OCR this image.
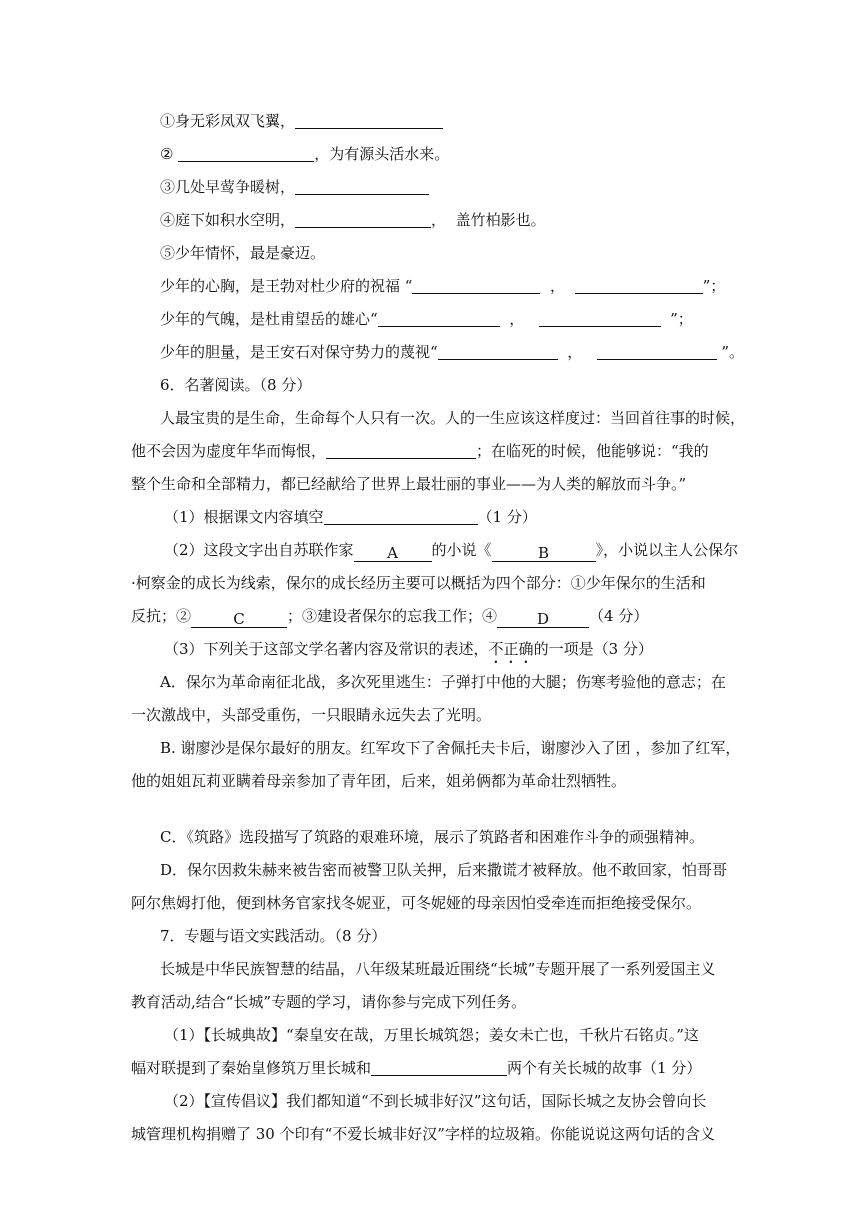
①身无彩凤双飞翼，
②	，为有源头活水来。
③几处早莺争暖树，
④庭下如积水空明，	， 盖竹柏影也。
⑤少年情怀，最是豪迈。
少年的心胸，是王勃对杜少府的祝福 “	，	”；
少年的气魄，是杜甫望岳的雄心“	，	”；
少年的胆量，是王安石对保守势力的蔑视“	，	”。
6．名著阅读。（8 分）
人最宝贵的是生命，生命每个人只有一次。人的一生应该这样度过：当回首往事的时候，
他不会因为虚度年华而悔恨，	；在临死的时候，他能够说：“我的
整个生命和全部精力，都已经献给了世界上最壮丽的事业——为人类的解放而斗争。”
（1）根据课文内容填空	（1 分）
（2）这段文字出自苏联作家 A 的小说《	B	》，小说以主人公保尔
·柯察金的成长为线索，保尔的成长经历主要可以概括为四个部分：①少年保尔的生活和
反抗；②	C	；③建设者保尔的忘我工作；④	D	（4 分）
（3）下列关于这部文学名著内容及常识的表述，不正确的一项是（3 分）
A．保尔为革命南征北战，多次死里逃生：子弹打中他的大腿；伤寒考验他的意志；在
一次激战中，头部受重伤，一只眼睛永远失去了光明。
B. 谢廖沙是保尔最好的朋友。红军攻下了舍佩托夫卡后，谢廖沙入了团 ，参加了红军，
他的姐姐瓦莉亚瞒着母亲参加了青年团，后来，姐弟俩都为革命壮烈牺牲。
C．《筑路》选段描写了筑路的艰难环境，展示了筑路者和困难作斗争的顽强精神。
D．保尔因救朱赫来被告密而被警卫队关押，后来撒谎才被释放。他不敢回家，怕哥哥
阿尔焦姆打他，便到林务官家找冬妮亚，可冬妮娅的母亲因怕受牵连而拒绝接受保尔。
7．专题与语文实践活动。（8 分）
长城是中华民族智慧的结晶，八年级某班最近围绕“长城”专题开展了一系列爱国主义
教育活动,结合“长城”专题的学习，请你参与完成下列任务。
（1）【长城典故】“秦皇安在哉，万里长城筑怨；姜女未亡也，千秋片石铭贞。”这
幅对联提到了秦始皇修筑万里长城和	两个有关长城的故事（1 分）
（2）【宣传倡议】我们都知道“不到长城非好汉”这句话，国际长城之友协会曾向长
城管理机构捐赠了 30 个印有“不爱长城非好汉”字样的垃圾箱。你能说说这两句话的含义
